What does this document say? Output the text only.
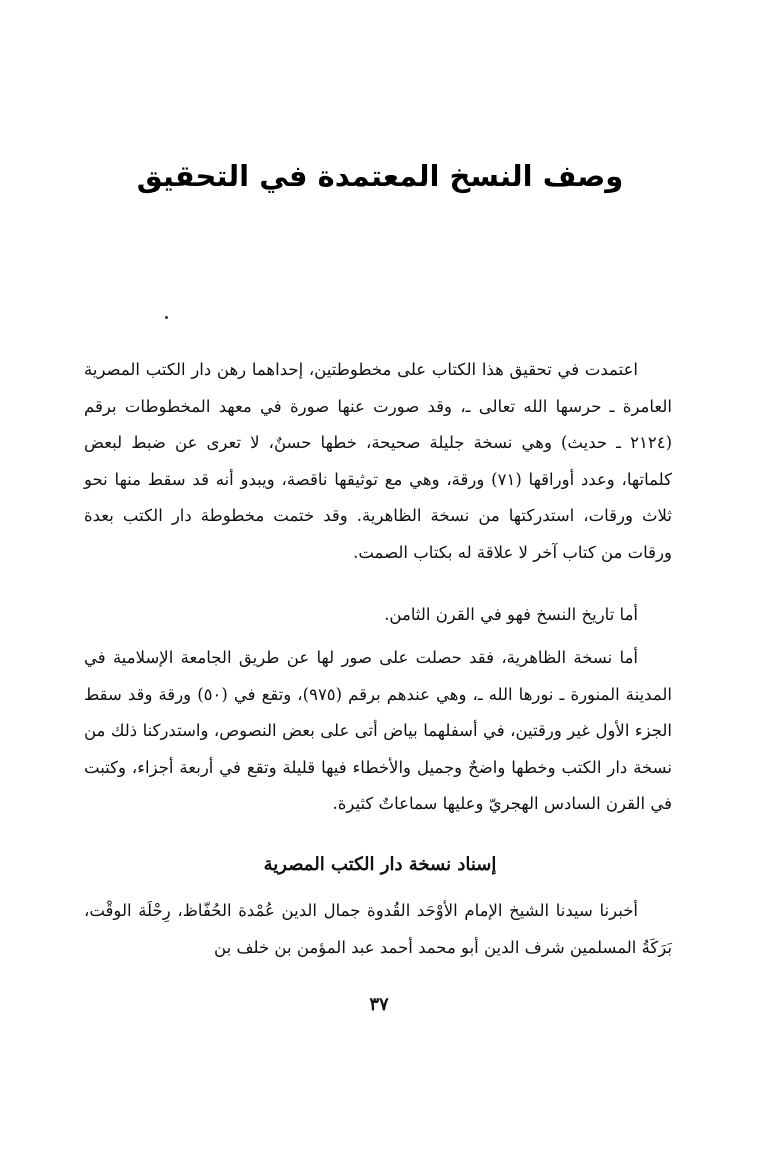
وصف النسخ المعتمدة في التحقيق

اعتمدت في تحقيق هذا الكتاب على مخطوطتين، إحداهما رهن دار الكتب المصرية العامرة ـ حرسها الله تعالى ـ، وقد صورت عنها صورة في معهد المخطوطات برقم (٢١٢٤ ـ حديث) وهي نسخة جليلة صحيحة، خطها حسنٌ، لا تعرى عن ضبط لبعض كلماتها، وعدد أوراقها (٧١) ورقة، وهي مع توثيقها ناقصة، ويبدو أنه قد سقط منها نحو ثلاث ورقات، استدركتها من نسخة الظاهرية. وقد ختمت مخطوطة دار الكتب بعدة ورقات من كتاب آخر لا علاقة له بكتاب الصمت.

أما تاريخ النسخ فهو في القرن الثامن.

أما نسخة الظاهرية، فقد حصلت على صور لها عن طريق الجامعة الإسلامية في المدينة المنورة ـ نورها الله ـ، وهي عندهم برقم (٩٧٥)، وتقع في (٥٠) ورقة وقد سقط الجزء الأول غير ورقتين، في أسفلهما بياض أتى على بعض النصوص، واستدركنا ذلك من نسخة دار الكتب وخطها واضحٌ وجميل والأخطاء فيها قليلة وتقع في أربعة أجزاء، وكتبت في القرن السادس الهجريّ وعليها سماعاتٌ كثيرة.

إسناد نسخة دار الكتب المصرية

أخبرنا سيدنا الشيخ الإمام الأوْحَد القُدوة جمال الدين عُمْدة الحُفّاظ، رِحْلَة الوقْت، بَرَكَةُ المسلمين شرف الدين أبو محمد أحمد عبد المؤمن بن خلف بن

٣٧
